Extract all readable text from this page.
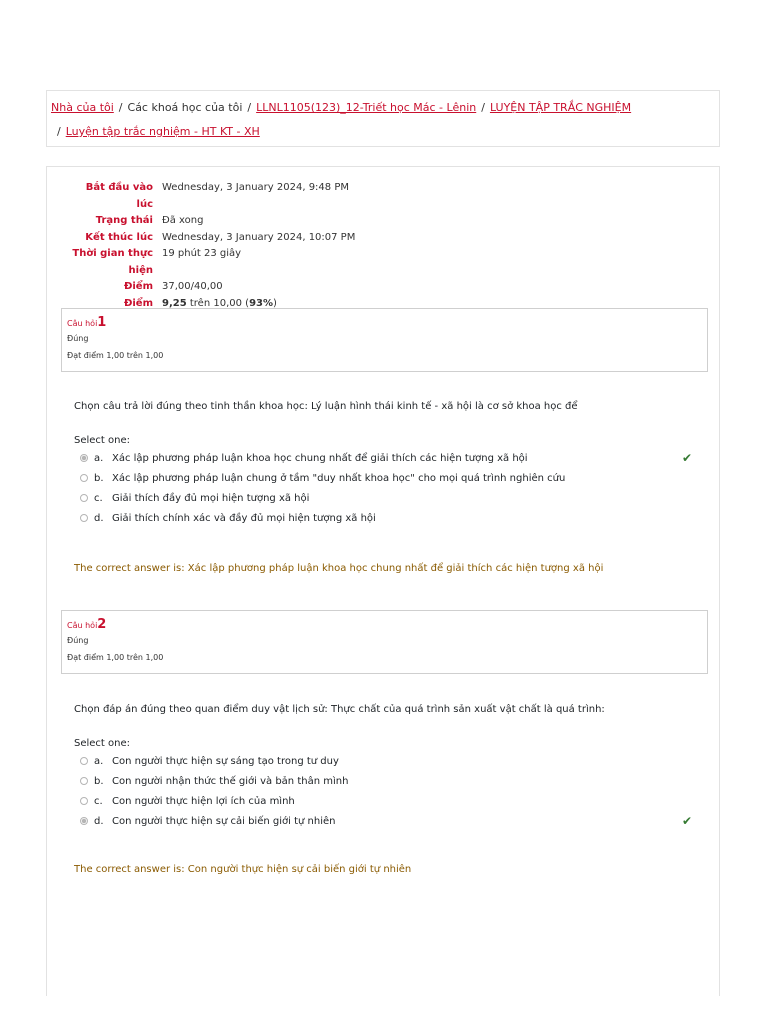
Nhà của tôi / Các khoá học của tôi / LLNL1105(123)_12-Triết học Mác - Lênin / LUYỆN TẬP TRẮC NGHIỆM
/ Luyện tập trắc nghiệm - HT KT - XH
Bắt đầu vào lúc
Wednesday, 3 January 2024, 9:48 PM
Trạng thái Đã xong
Kết thúc lúc Wednesday, 3 January 2024, 10:07 PM
Thời gian thực hiện
19 phút 23 giây
Điểm 37,00/40,00
Điểm 9,25 trên 10,00 (93%)
Câu hỏi1
Đúng
Đạt điểm 1,00 trên 1,00

Chọn câu trả lời đúng theo tinh thần khoa học: Lý luận hình thái kinh tế - xã hội là cơ sở khoa học để

Select one:
a. Xác lập phương pháp luận khoa học chung nhất để giải thích các hiện tượng xã hội	✔
b. Xác lập phương pháp luận chung ở tầm "duy nhất khoa học" cho mọi quá trình nghiên cứu
c. Giải thích đầy đủ mọi hiện tượng xã hội
d. Giải thích chính xác và đầy đủ mọi hiện tượng xã hội
The correct answer is: Xác lập phương pháp luận khoa học chung nhất để giải thích các hiện tượng xã hội
Câu hỏi2
Đúng
Đạt điểm 1,00 trên 1,00

Chọn đáp án đúng theo quan điểm duy vật lịch sử: Thực chất của quá trình sản xuất vật chất là quá trình:

Select one:
a. Con người thực hiện sự sáng tạo trong tư duy
b. Con người nhận thức thế giới và bản thân mình
c. Con người thực hiện lợi ích của mình
d. Con người thực hiện sự cải biến giới tự nhiên	✔
The correct answer is: Con người thực hiện sự cải biến giới tự nhiên
